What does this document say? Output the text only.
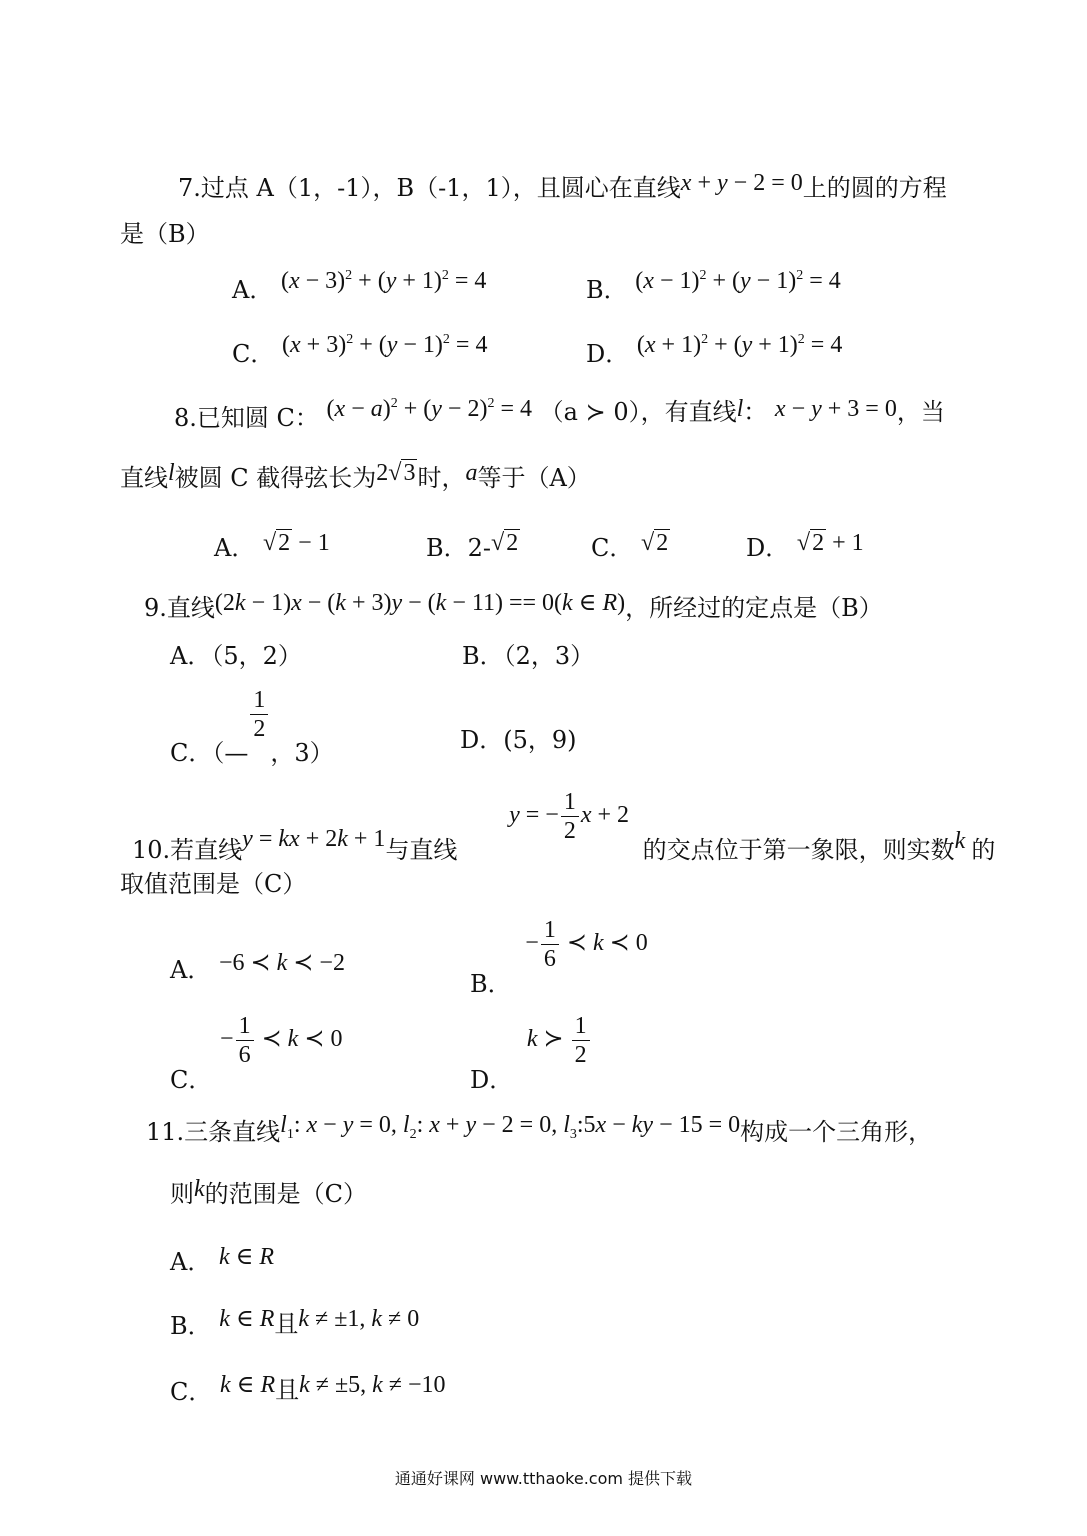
7.过点 A（1，-1），B（-1，1），且圆心在直线x + y − 2 = 0上的圆的方程
是（B）
A． $(x - 3)^2 + (y + 1)^2 = 4$	B． $(x - 1)^2 + (y - 1)^2 = 4$
C． $(x + 3)^2 + (y - 1)^2 = 4$	D． $(x + 1)^2 + (y + 1)^2 = 4$
8.已知圆 C： $(x - a)^2 + (y - 2)^2 = 4$ （a ≻ 0），有直线l： x − y + 3 = 0，当
直线l被圆 C 截得弦长为2√3时，a等于（A）
A． √2 − 1	B．2-√2	C． √2	D． √2 + 1
9.直线(2k − 1)x − (k + 3)y − (k − 11) == 0(k ∈ R)，所经过的定点是（B）
A．（5，2）	B．（2，3）
C．（—
$\frac{1}{2}$
，3）	D．(5，9)
10.若直线y = kx + 2k + 1与直线 y = − $\frac{1}{2}$ x + 2 的交点位于第一象限，则实数k 的
取值范围是（C）
A． −6 ≺ k ≺ −2
B． − $\frac{1}{6}$ ≺ k ≺ 0
C． − $\frac{1}{6}$ ≺ k ≺ 0
D． k ≻ $\frac{1}{2}$
11.三条直线$l_1$: x − y = 0, $l_2$: x + y − 2 = 0, $l_3:5x$ − ky − 15 = 0构成一个三角形，
则k的范围是（C）
A． k ∈ R
B． k ∈ R且k ≠ ±1, k ≠ 0
C． k ∈ R且k ≠ ±5, k ≠ −10
通通好课网 www.tthaoke.com 提供下载
